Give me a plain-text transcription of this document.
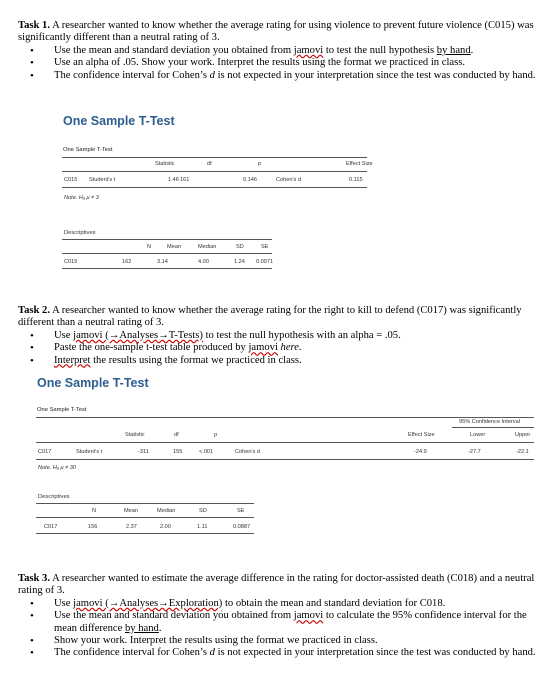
Task 1. A researcher wanted to know whether the average rating for using violence to prevent future violence (C015) was significantly different than a neutral rating of 3.
• Use the mean and standard deviation you obtained from jamovi to test the null hypothesis by hand.
• Use an alpha of .05. Show your work. Interpret the results using the format we practiced in class.
• The confidence interval for Cohen’s d is not expected in your interpretation since the test was conducted by hand.
One Sample T-Test
One Sample T-Test
Statistic	df	p	Effect Size
C015 Student's t	1.46 161	0.146	Cohen's d	0.115
Note. Hₐ μ ≠ 3
Descriptives
N	Mean	Median	SD	SE
C015	162	3.14	4.00	1.24 0.0971
Task 2. A researcher wanted to know whether the average rating for the right to kill to defend (C017) was significantly different than a neutral rating of 3.
• Use jamovi (→Analyses→T-Tests) to test the null hypothesis with an alpha = .05.
• Paste the one-sample t-test table produced by jamovi here.
• Interpret the results using the format we practiced in class.
One Sample T-Test
One Sample T-Test
95% Confidence Interval
Statistic	df	p	Effect Size	Lower	Upper
C017	Student's t	-311	155	<.001	Cohen's d	-24.9	-27.7	-22.1
Note. Hₐ μ ≠ 30
Descriptives
N	Mean	Median	SD	SE
C017	156	2.37	2.00	1.11	0.0887
Task 3. A researcher wanted to estimate the average difference in the rating for doctor-assisted death (C018) and a neutral rating of 3.
• Use jamovi (→Analyses→Exploration) to obtain the mean and standard deviation for C018.
• Use the mean and standard deviation you obtained from jamovi to calculate the 95% confidence interval for the mean difference by hand.
• Show your work. Interpret the results using the format we practiced in class.
• The confidence interval for Cohen’s d is not expected in your interpretation since the test was conducted by hand.
